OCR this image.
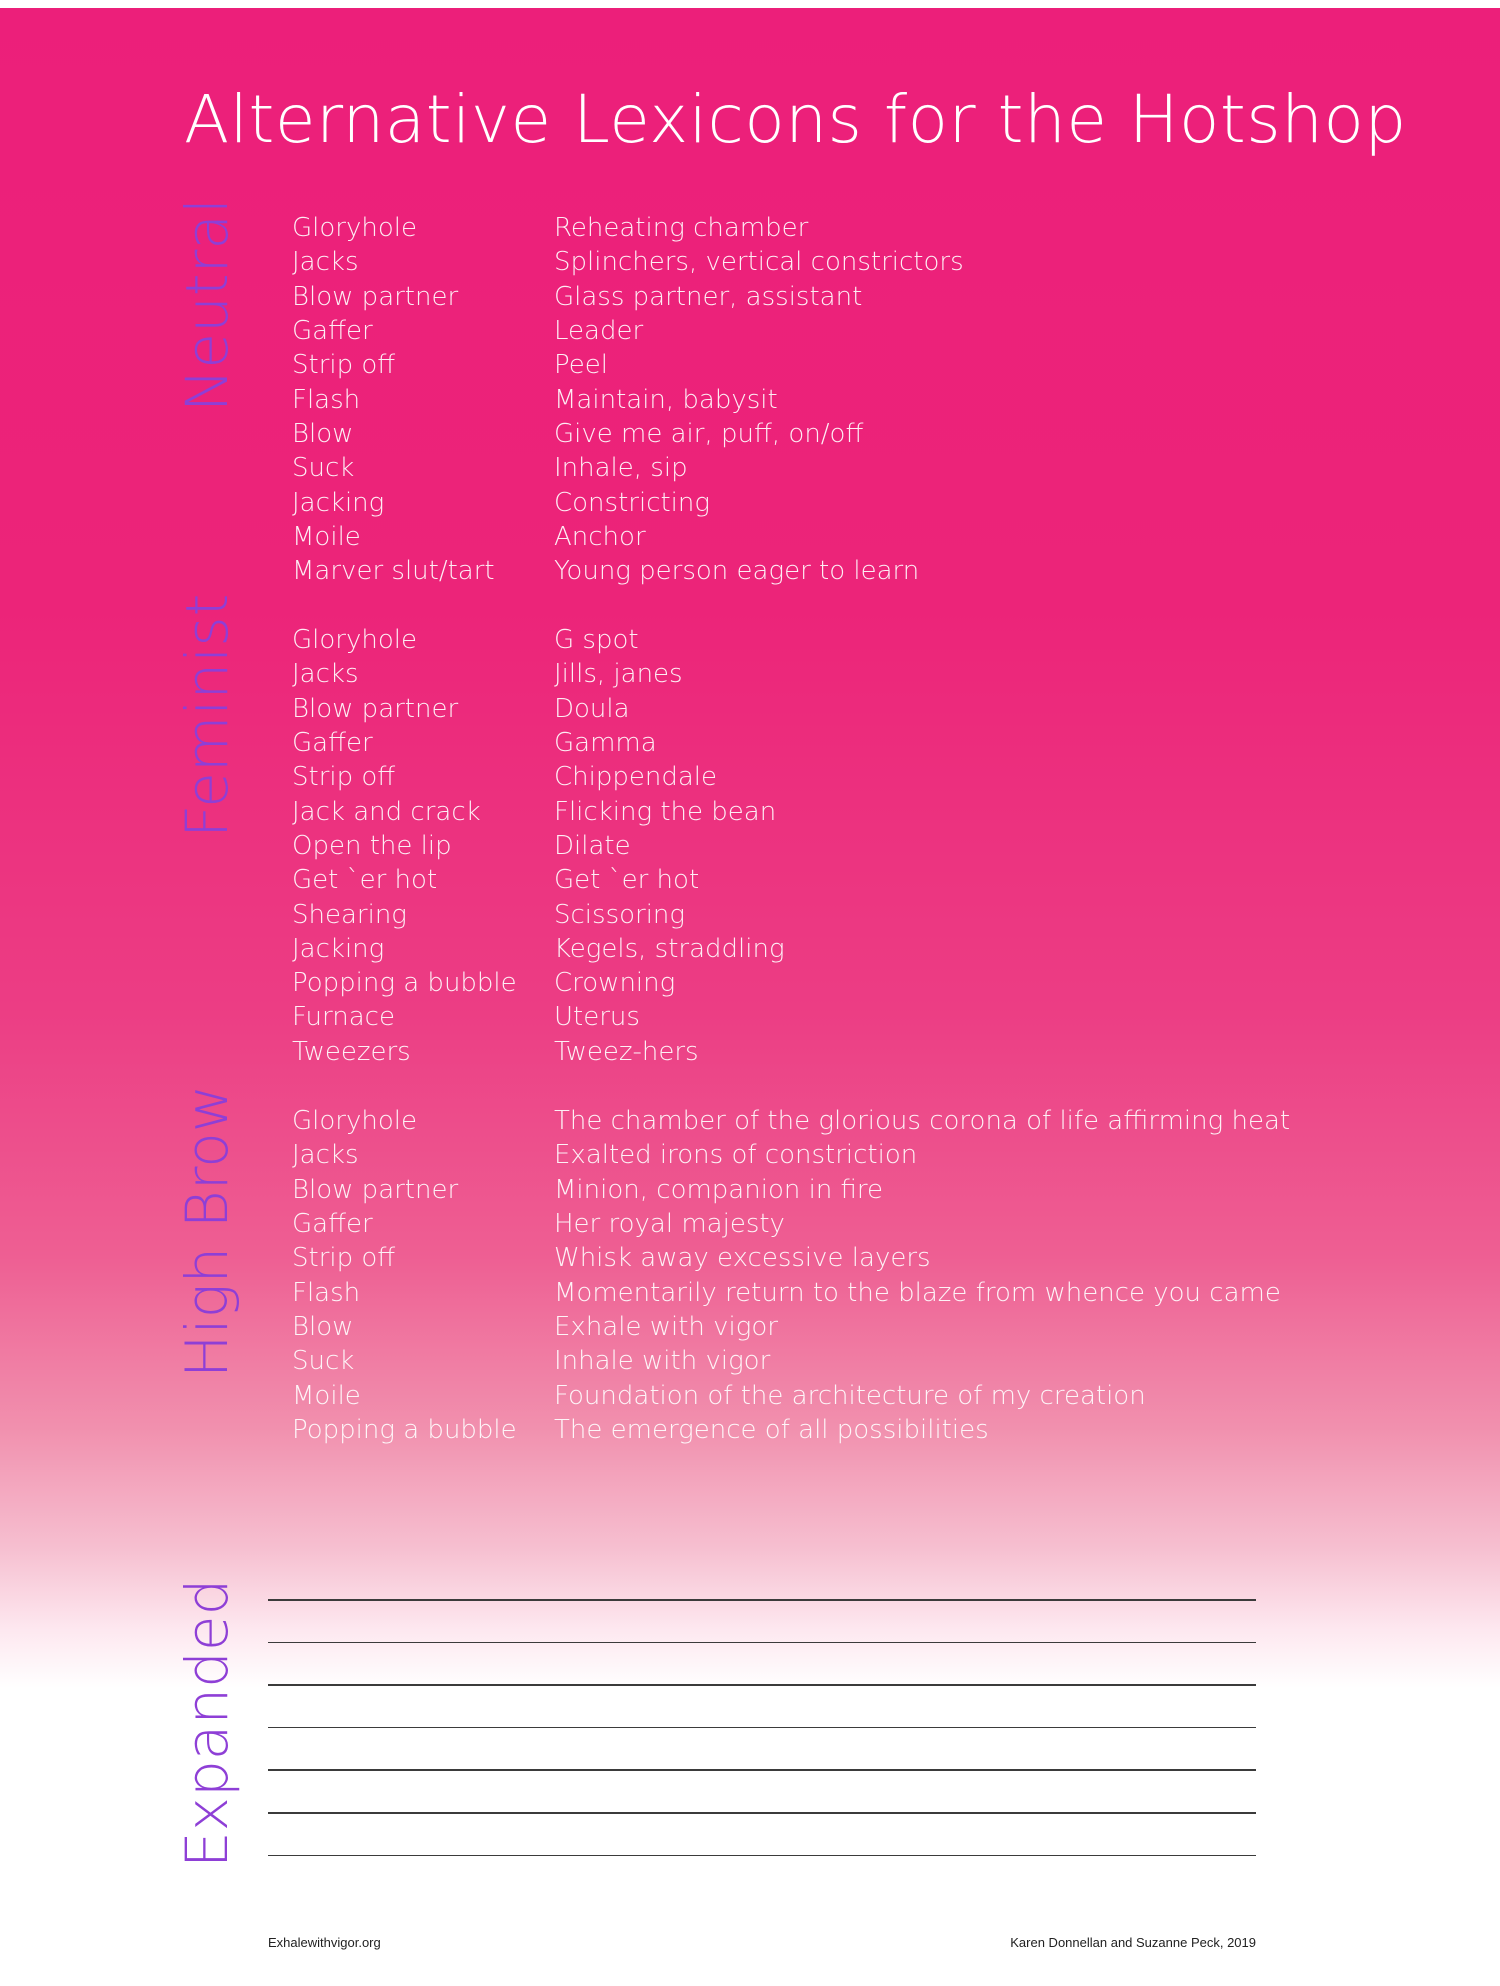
Alternative Lexicons for the Hotshop
Neutral Gloryhole	Reheating chamber
Jacks	Splinchers, vertical constrictors
Blow partner	Glass partner, assistant
Gaffer	Leader
Strip off	Peel
Flash	Maintain, babysit
Blow	Give me air, puff, on/off
Suck	Inhale, sip
Jacking	Constricting
Moile	Anchor
Marver slut/tart	Young person eager to learn
Feminist Gloryhole	G spot
Jacks	Jills, janes
Blow partner	Doula
Gaffer	Gamma
Strip off	Chippendale
Jack and crack	Flicking the bean
Open the lip	Dilate
Get `er hot	Get `er hot
Shearing	Scissoring
Jacking	Kegels, straddling
Popping a bubble	Crowning
Furnace	Uterus
Tweezers	Tweez-hers
High Brow Gloryhole	The chamber of the glorious corona of life affirming heat
Jacks	Exalted irons of constriction
Blow partner	Minion, companion in fire
Gaffer	Her royal majesty
Strip off	Whisk away excessive layers
Flash	Momentarily return to the blaze from whence you came
Blow	Exhale with vigor
Suck	Inhale with vigor
Moile	Foundation of the architecture of my creation
Popping a bubble	The emergence of all possibilities
Expanded
Exhalewithvigor.org	Karen Donnellan and Suzanne Peck, 2019
